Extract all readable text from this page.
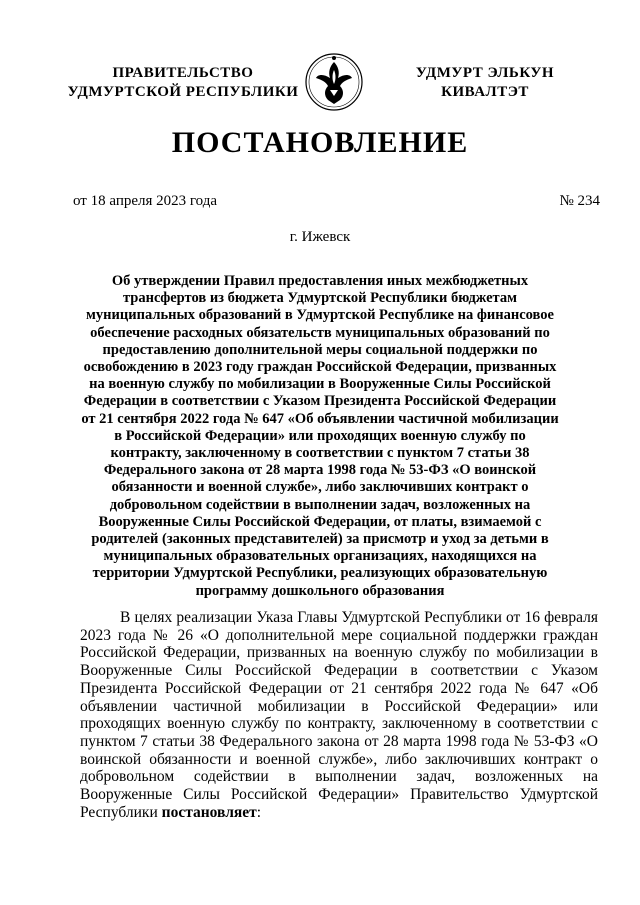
ПРАВИТЕЛЬСТВО
УДМУРТСКОЙ РЕСПУБЛИКИ
УДМУРТ ЭЛЬКУН
КИВАЛТЭТ
ПОСТАНОВЛЕНИЕ
от 18 апреля 2023 года	№ 234
г. Ижевск
Об утверждении Правил предоставления иных межбюджетных трансфертов из бюджета Удмуртской Республики бюджетам муниципальных образований в Удмуртской Республике на финансовое обеспечение расходных обязательств муниципальных образований по предоставлению дополнительной меры социальной поддержки по освобождению в 2023 году граждан Российской Федерации, призванных на военную службу по мобилизации в Вооруженные Силы Российской Федерации в соответствии с Указом Президента Российской Федерации от 21 сентября 2022 года № 647 «Об объявлении частичной мобилизации в Российской Федерации» или проходящих военную службу по контракту, заключенному в соответствии с пунктом 7 статьи 38 Федерального закона от 28 марта 1998 года № 53-ФЗ «О воинской обязанности и военной службе», либо заключивших контракт о добровольном содействии в выполнении задач, возложенных на Вооруженные Силы Российской Федерации, от платы, взимаемой с родителей (законных представителей) за присмотр и уход за детьми в муниципальных образовательных организациях, находящихся на территории Удмуртской Республики, реализующих образовательную программу дошкольного образования
В целях реализации Указа Главы Удмуртской Республики от 16 февраля 2023 года № 26 «О дополнительной мере социальной поддержки граждан Российской Федерации, призванных на военную службу по мобилизации в Вооруженные Силы Российской Федерации в соответствии с Указом Президента Российской Федерации от 21 сентября 2022 года № 647 «Об объявлении частичной мобилизации в Российской Федерации» или проходящих военную службу по контракту, заключенному в соответствии с пунктом 7 статьи 38 Федерального закона от 28 марта 1998 года № 53-ФЗ «О воинской обязанности и военной службе», либо заключивших контракт о добровольном содействии в выполнении задач, возложенных на Вооруженные Силы Российской Федерации» Правительство Удмуртской Республики постановляет:
